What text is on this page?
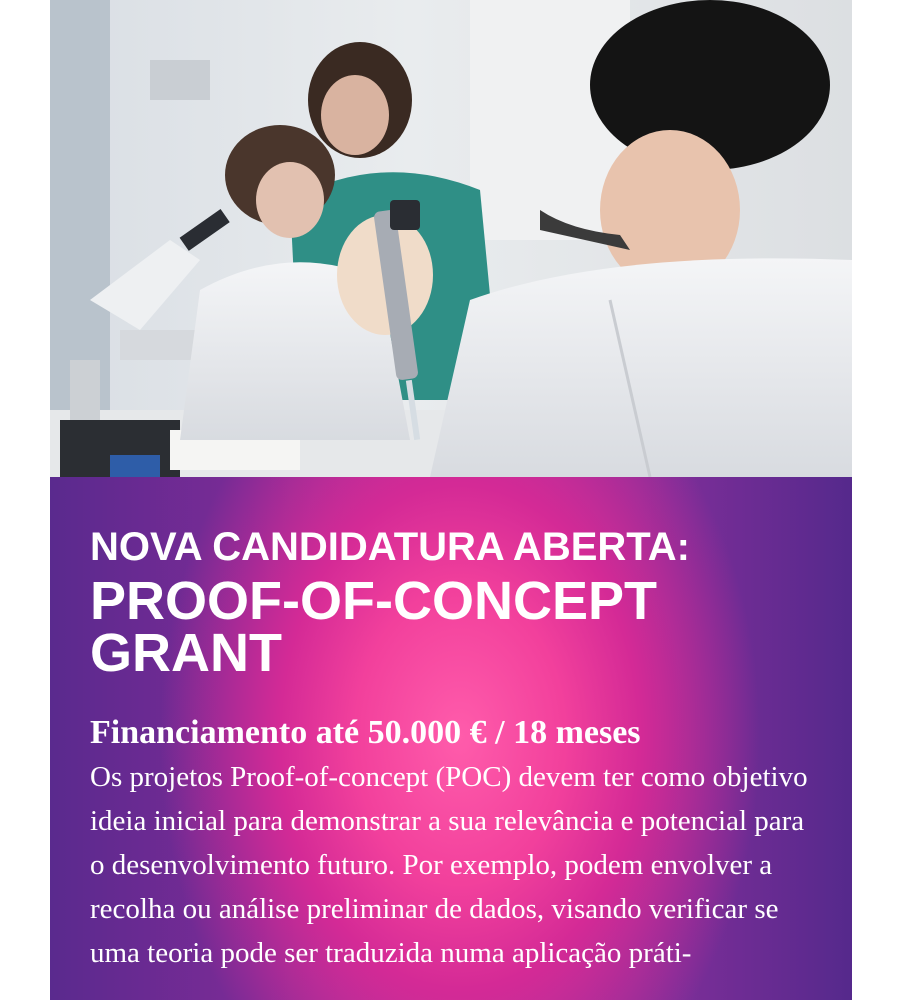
NOVA CANDIDATURA ABERTA:
PROOF-OF-CONCEPT
GRANT

Financiamento até 50.000 € / 18 meses

Os projetos Proof-of-concept (POC) devem ter como objetivo ideia inicial para demonstrar a sua relevância e potencial para o desenvolvimento futuro. Por exemplo, podem envolver a recolha ou análise preliminar de dados, visando verificar se uma teoria pode ser traduzida numa aplicação práti-
